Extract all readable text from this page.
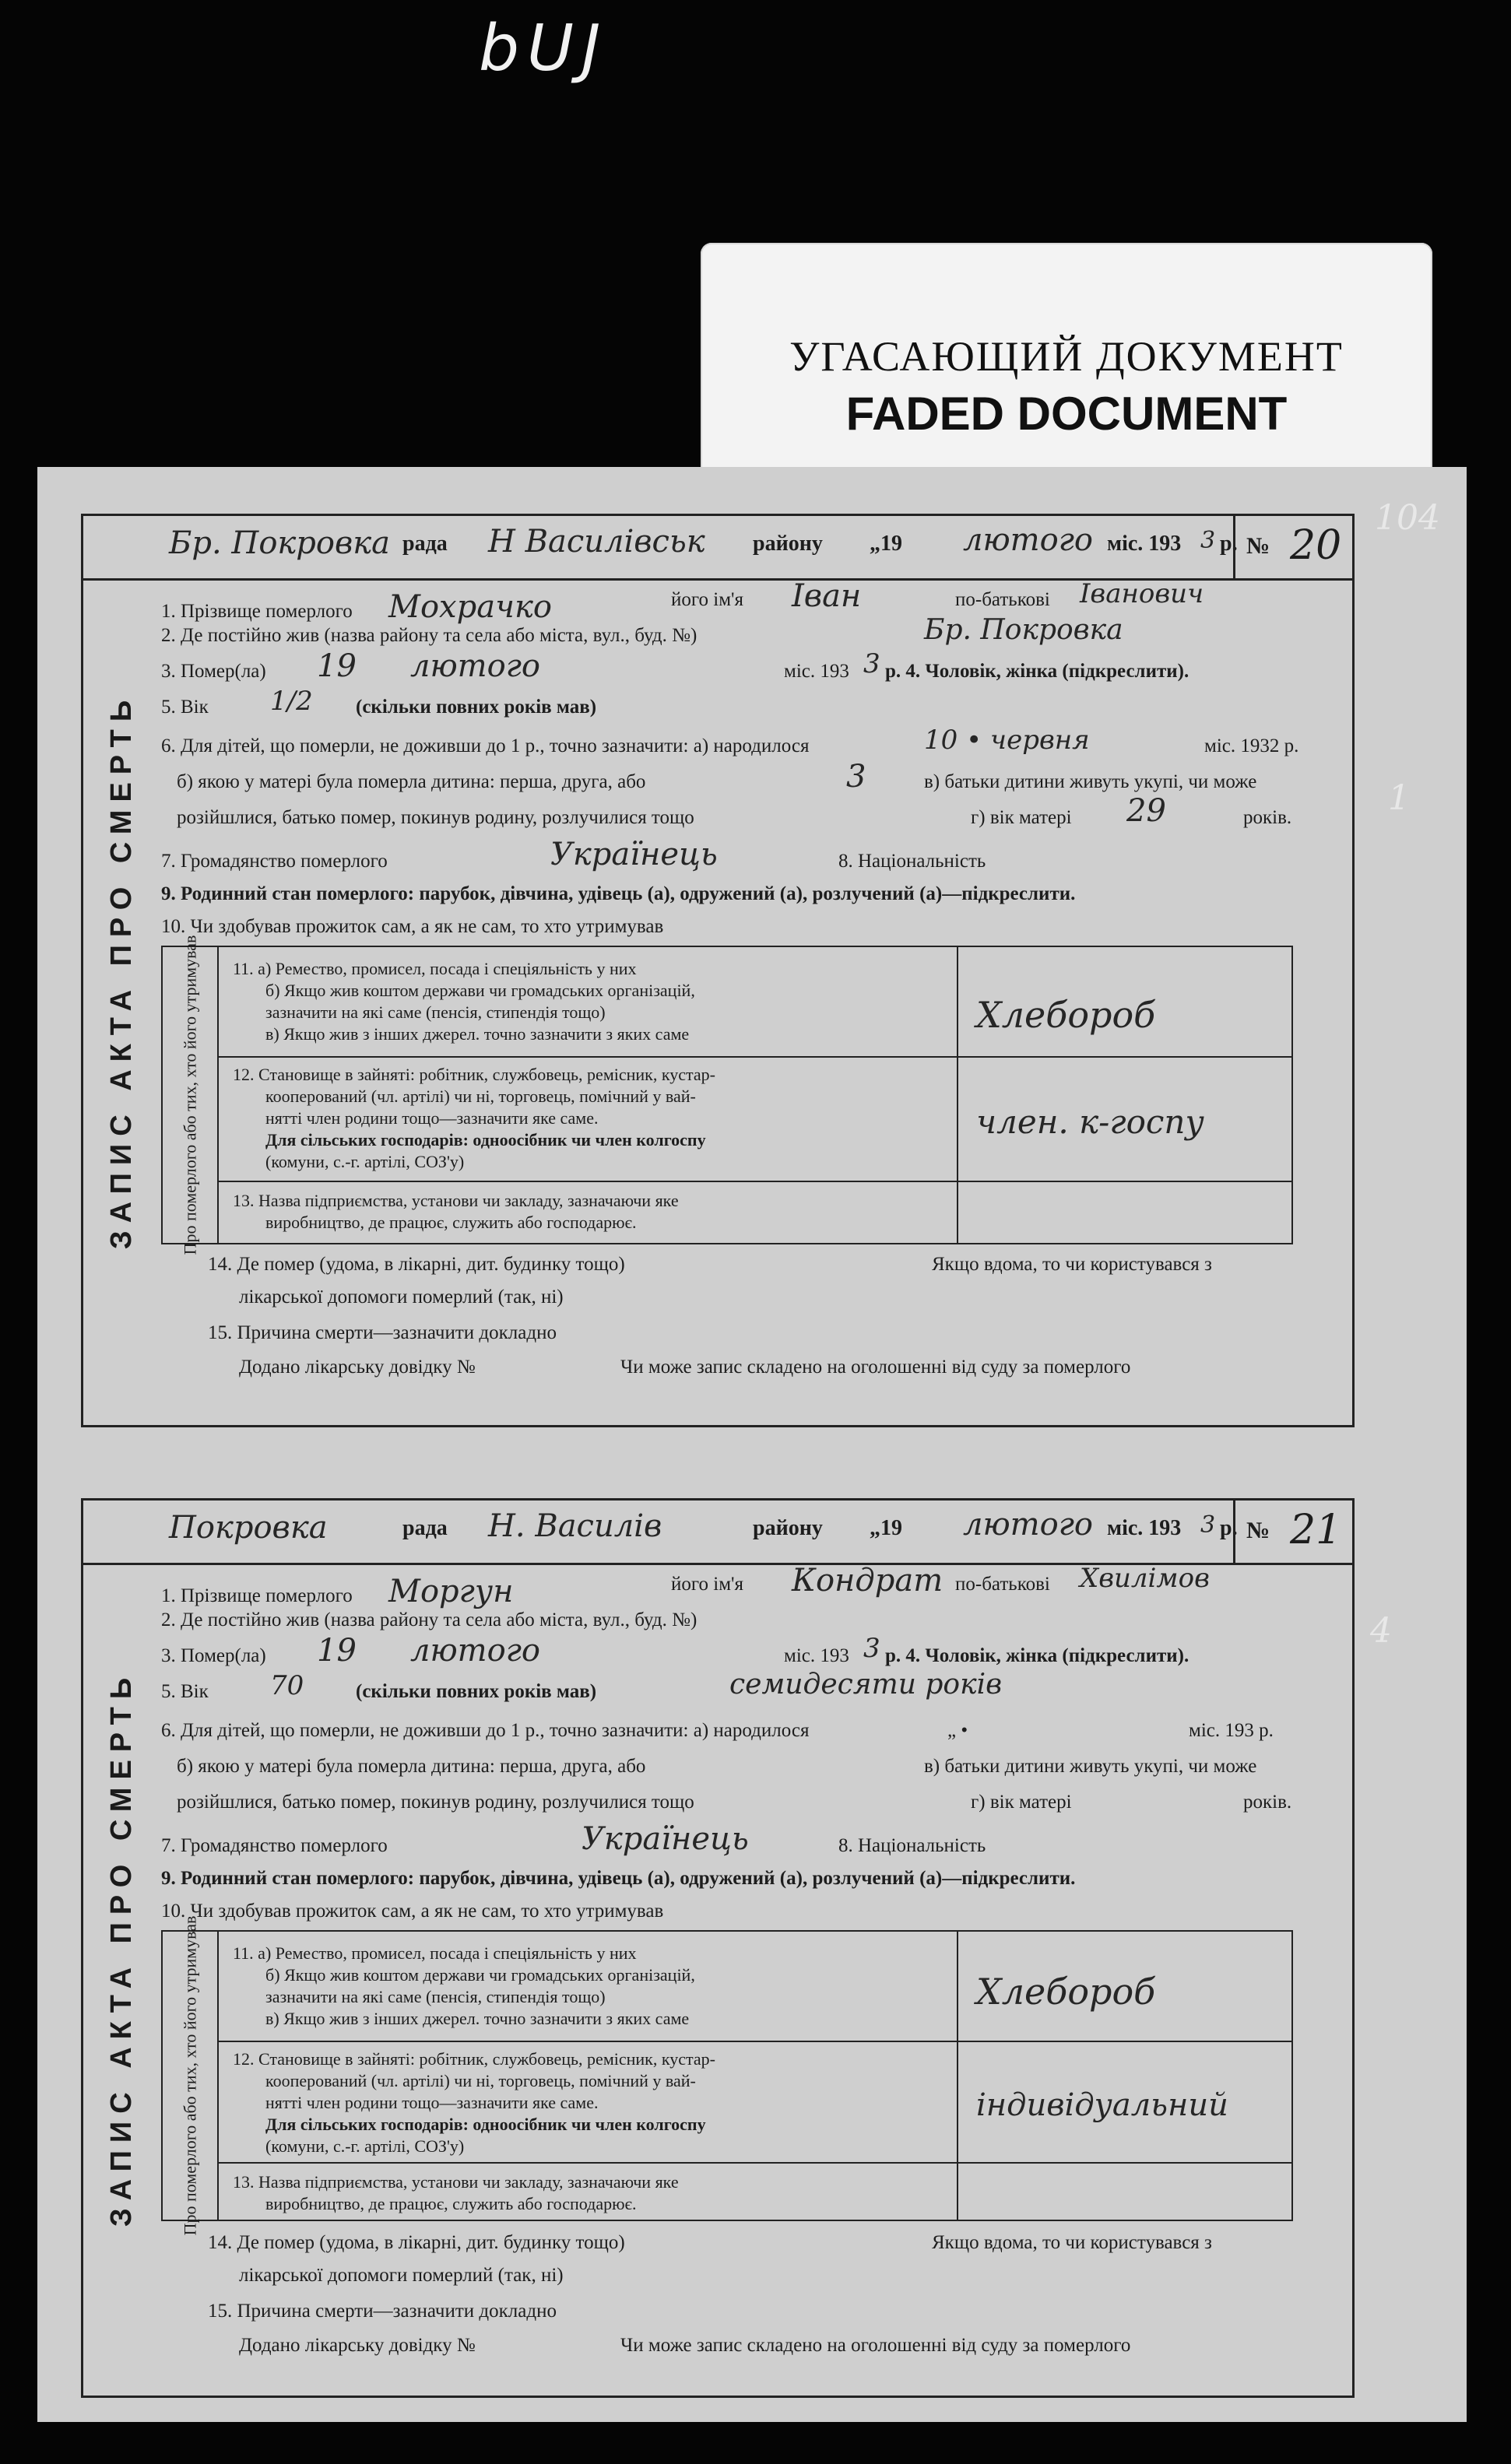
bUJ
УГАСАЮЩИЙ ДОКУМЕНТ
FADED DOCUMENT
104
1
4
ЗАПИС АКТА ПРО СМЕРТЬ
Бр. Покровка рада Н Василівськ району „19 лютого міс. 193 3 р. № 20
1. Прізвище померлого Мохрачко	його ім'я Іван	по-батькові Іванович
2. Де постійно жив (назва району та села або міста, вул., буд. №)	Бр. Покровка
3. Помер(ла) 19 лютого	міс. 193 3 р. 4. Чоловік, жінка (підкреслити).
5. Вік 1/2 (скільки повних років мав)
6. Для дітей, що померли, не доживши до 1 р., точно зазначити: а) народилося	10 • червня	міс. 1932 р.
б) якою у матері була померла дитина: перша, друга, або	3	в) батьки дитини живуть укупі, чи може
розійшлися, батько помер, покинув родину, розлучилися тощо	г) вік матері 29	років.
7. Громадянство померлого	Українець	8. Національність
9. Родинний стан померлого: парубок, дівчина, удівець (а), одружений (а), розлучений (а)—підкреслити.
10. Чи здобував прожиток сам, а як не сам, то хто утримував
Про померлого або тих, хто його утримував 11. а) Ремество, промисел, посада і спеціяльність у них
б) Якщо жив коштом держави чи громадських організацій,
зазначити на які саме (пенсія, стипендія тощо)
в) Якщо жив з інших джерел. точно зазначити з яких саме	Хлебороб
12. Становище в зайняті: робітник, службовець, ремісник, кустар-
кооперований (чл. артілі) чи ні, торговець, помічний у вай-
нятті член родини тощо—зазначити яке саме.
Для сільських господарів: одноосібник чи член колгоспу
(комуни, с.-г. артілі, СОЗ'у)
член. к-госпу
13. Назва підприємства, установи чи закладу, зазначаючи яке
виробництво, де працює, служить або господарює.
14. Де помер (удома, в лікарні, дит. будинку тощо)	Якщо вдома, то чи користувався з
лікарської допомоги померлий (так, ні)
15. Причина смерти—зазначити докладно
Додано лікарську довідку №	Чи може запис складено на оголошенні від суду за померлого
ЗАПИС АКТА ПРО СМЕРТЬ
Покровка	рада Н. Василів	району „19 лютого міс. 193 3 р. № 21
1. Прізвище померлого Моргун	його ім'я Кондрат по-батькові Хвилімов
2. Де постійно жив (назва району та села або міста, вул., буд. №)
3. Помер(ла) 19 лютого	міс. 193 3 р. 4. Чоловік, жінка (підкреслити).
5. Вік 70	(скільки повних років мав)	семидесяти років
6. Для дітей, що померли, не доживши до 1 р., точно зазначити: а) народилося	„ •	міс. 193 р.
б) якою у матері була померла дитина: перша, друга, або	в) батьки дитини живуть укупі, чи може
розійшлися, батько помер, покинув родину, розлучилися тощо	г) вік матері	років.
7. Громадянство померлого	Українець	8. Національність
9. Родинний стан померлого: парубок, дівчина, удівець (а), одружений (а), розлучений (а)—підкреслити.
10. Чи здобував прожиток сам, а як не сам, то хто утримував
Про померлого або тих, хто його утримував 11. а) Ремество, промисел, посада і спеціяльність у них
б) Якщо жив коштом держави чи громадських організацій,
зазначити на які саме (пенсія, стипендія тощо)
в) Якщо жив з інших джерел. точно зазначити з яких саме
Хлебороб
12. Становище в зайняті: робітник, службовець, ремісник, кустар-
кооперований (чл. артілі) чи ні, торговець, помічний у вай-
нятті член родини тощо—зазначити яке саме.
Для сільських господарів: одноосібник чи член колгоспу
(комуни, с.-г. артілі, СОЗ'у)
індивідуальний
13. Назва підприємства, установи чи закладу, зазначаючи яке
виробництво, де працює, служить або господарює.
14. Де помер (удома, в лікарні, дит. будинку тощо)	Якщо вдома, то чи користувався з
лікарської допомоги померлий (так, ні)
15. Причина смерти—зазначити докладно
Додано лікарську довідку №	Чи може запис складено на оголошенні від суду за померлого
